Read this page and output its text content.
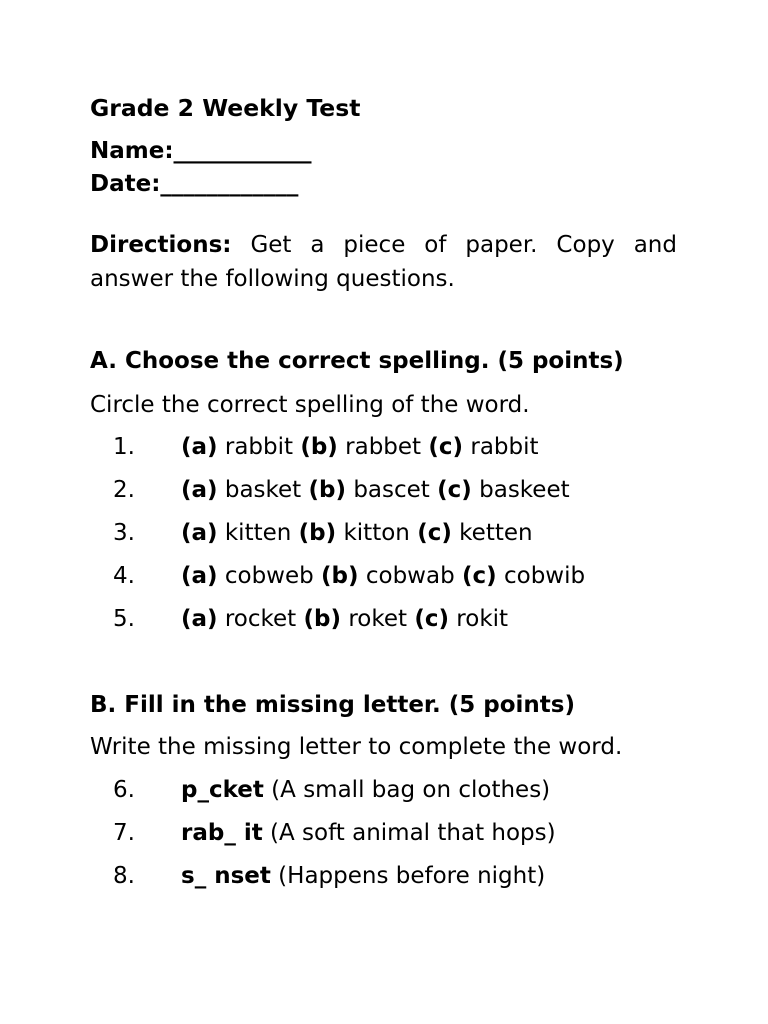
Grade 2 Weekly Test
Name:____________
Date:____________
Directions: Get a piece of paper. Copy and answer the following questions.
A. Choose the correct spelling. (5 points)
Circle the correct spelling of the word.
1. (a) rabbit (b) rabbet (c) rabbit
2. (a) basket (b) bascet (c) baskeet
3. (a) kitten (b) kitton (c) ketten
4. (a) cobweb (b) cobwab (c) cobwib
5. (a) rocket (b) roket (c) rokit
B. Fill in the missing letter. (5 points)
Write the missing letter to complete the word.
6. p_cket (A small bag on clothes)
7. rab_ it (A soft animal that hops)
8. s_ nset (Happens before night)
